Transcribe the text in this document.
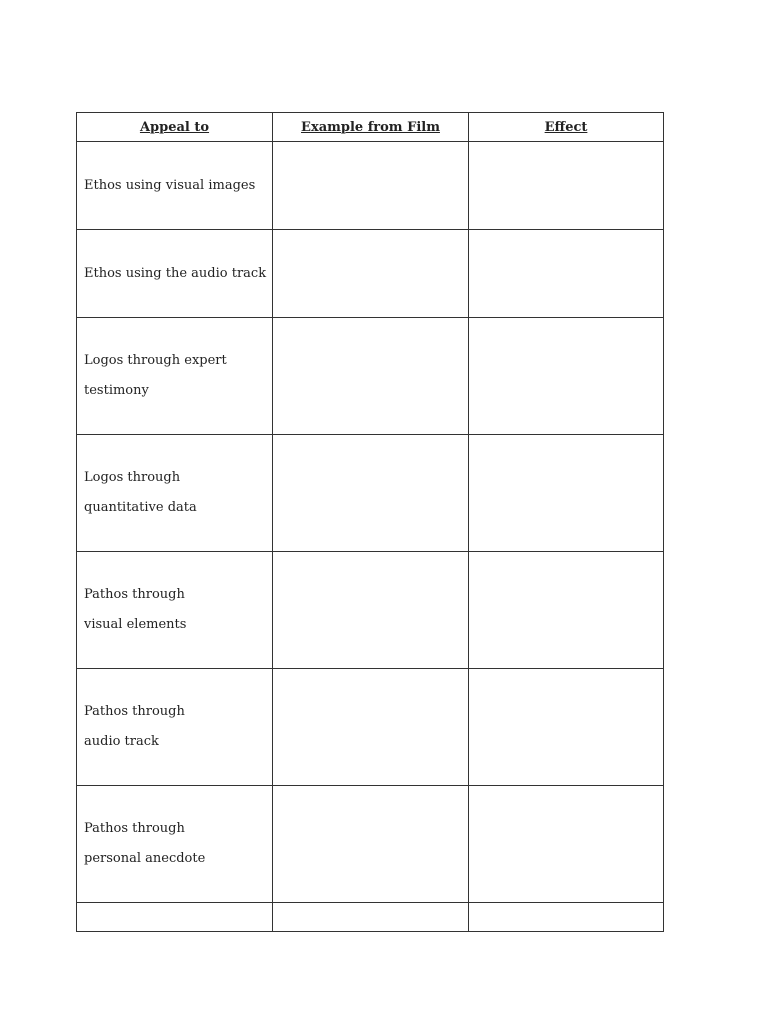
Appeal to	Example from Film	Effect

Ethos using visual images		

Ethos using the audio track		

Logos through expert
testimony		

Logos through
quantitative data		

Pathos through
visual elements		

Pathos through
audio track		

Pathos through
personal anecdote		
